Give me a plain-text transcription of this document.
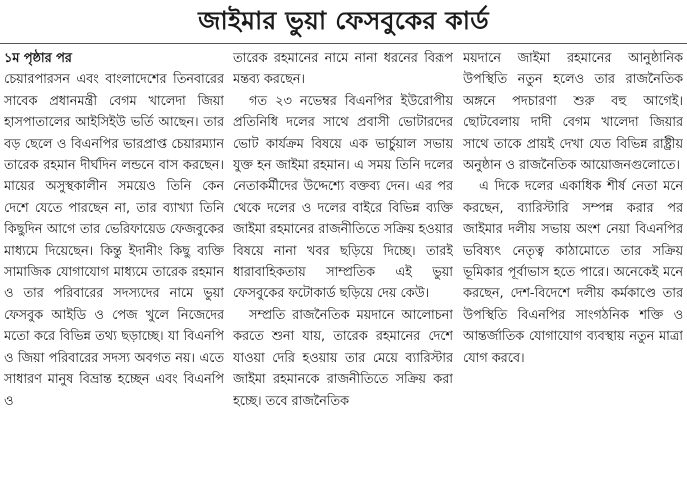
জাইমার ভুয়া ফেসবুকের কার্ড
১ম পৃষ্ঠার পর

চেয়ারপারসন এবং বাংলাদেশের তিনবারের সাবেক প্রধানমন্ত্রী বেগম খালেদা জিয়া হাসপাতালের আইসিইউ ভর্তি আছেন। তার বড় ছেলে ও বিএনপির ভারপ্রাপ্ত চেয়ারম্যান তারেক রহমান দীর্ঘদিন লন্ডনে বাস করছেন। মায়ের অসুস্থকালীন সময়েও তিনি কেন দেশে যেতে পারছেন না, তার ব্যাখ্যা তিনি কিছুদিন আগে তার ভেরিফায়েড ফেজবুকের মাধ্যমে দিয়েছেন। কিন্তু ইদানীং কিছু ব্যক্তি সামাজিক যোগাযোগ মাধ্যমে তারেক রহমান ও তার পরিবারের সদস্যদের নামে ভুয়া ফেসবুক আইডি ও পেজ খুলে নিজেদের মতো করে বিভিন্ন তথ্য ছড়াচ্ছে। যা বিএনপি ও জিয়া পরিবারের সদস্য অবগত নয়। এতে সাধারণ মানুষ বিভ্রান্ত হচ্ছেন এবং বিএনপি ও

তারেক রহমানের নামে নানা ধরনের বিরূপ মন্তব্য করছেন।

গত ২৩ নভেম্বর বিএনপির ইউরোপীয় প্রতিনিধি দলের সাথে প্রবাসী ভোটারদের ভোট কার্যক্রম বিষয়ে এক ভার্চুয়াল সভায় যুক্ত হন জাইমা রহমান। এ সময় তিনি দলের নেতাকর্মীদের উদ্দেশ্যে বক্তব্য দেন। এর পর থেকে দলের ও দলের বাইরে বিভিন্ন ব্যক্তি জাইমা রহমানের রাজনীতিতে সক্রিয় হওয়ার বিষয়ে নানা খবর ছড়িয়ে দিচ্ছে। তারই ধারাবাহিকতায় সাম্প্রতিক এই ভুয়া ফেসবুকের ফটোকার্ড ছড়িয়ে দেয় কেউ।

সম্প্রতি রাজনৈতিক ময়দানে আলোচনা করতে শুনা যায়, তারেক রহমানের দেশে যাওয়া দেরি হওয়ায় তার মেয়ে ব্যারিস্টার জাইমা রহমানকে রাজনীতিতে সক্রিয় করা হচ্ছে। তবে রাজনৈতিক

ময়দানে জাইমা রহমানের আনুষ্ঠানিক উপস্থিতি নতুন হলেও তার রাজনৈতিক অঙ্গনে পদচারণা শুরু বহু আগেই। ছোটবেলায় দাদী বেগম খালেদা জিয়ার সাথে তাকে প্রায়ই দেখা যেত বিভিন্ন রাষ্ট্রীয় অনুষ্ঠান ও রাজনৈতিক আয়োজনগুলোতে।

এ দিকে দলের একাধিক শীর্ষ নেতা মনে করছেন, ব্যারিস্টারি সম্পন্ন করার পর জাইমার দলীয় সভায় অংশ নেয়া বিএনপির ভবিষ্যৎ নেতৃত্ব কাঠামোতে তার সক্রিয় ভূমিকার পূর্বাভাস হতে পারে। অনেকেই মনে করছেন, দেশ-বিদেশে দলীয় কর্মকাণ্ডে তার উপস্থিতি বিএনপির সাংগঠনিক শক্তি ও আন্তর্জাতিক যোগাযোগ ব্যবস্থায় নতুন মাত্রা যোগ করবে।
